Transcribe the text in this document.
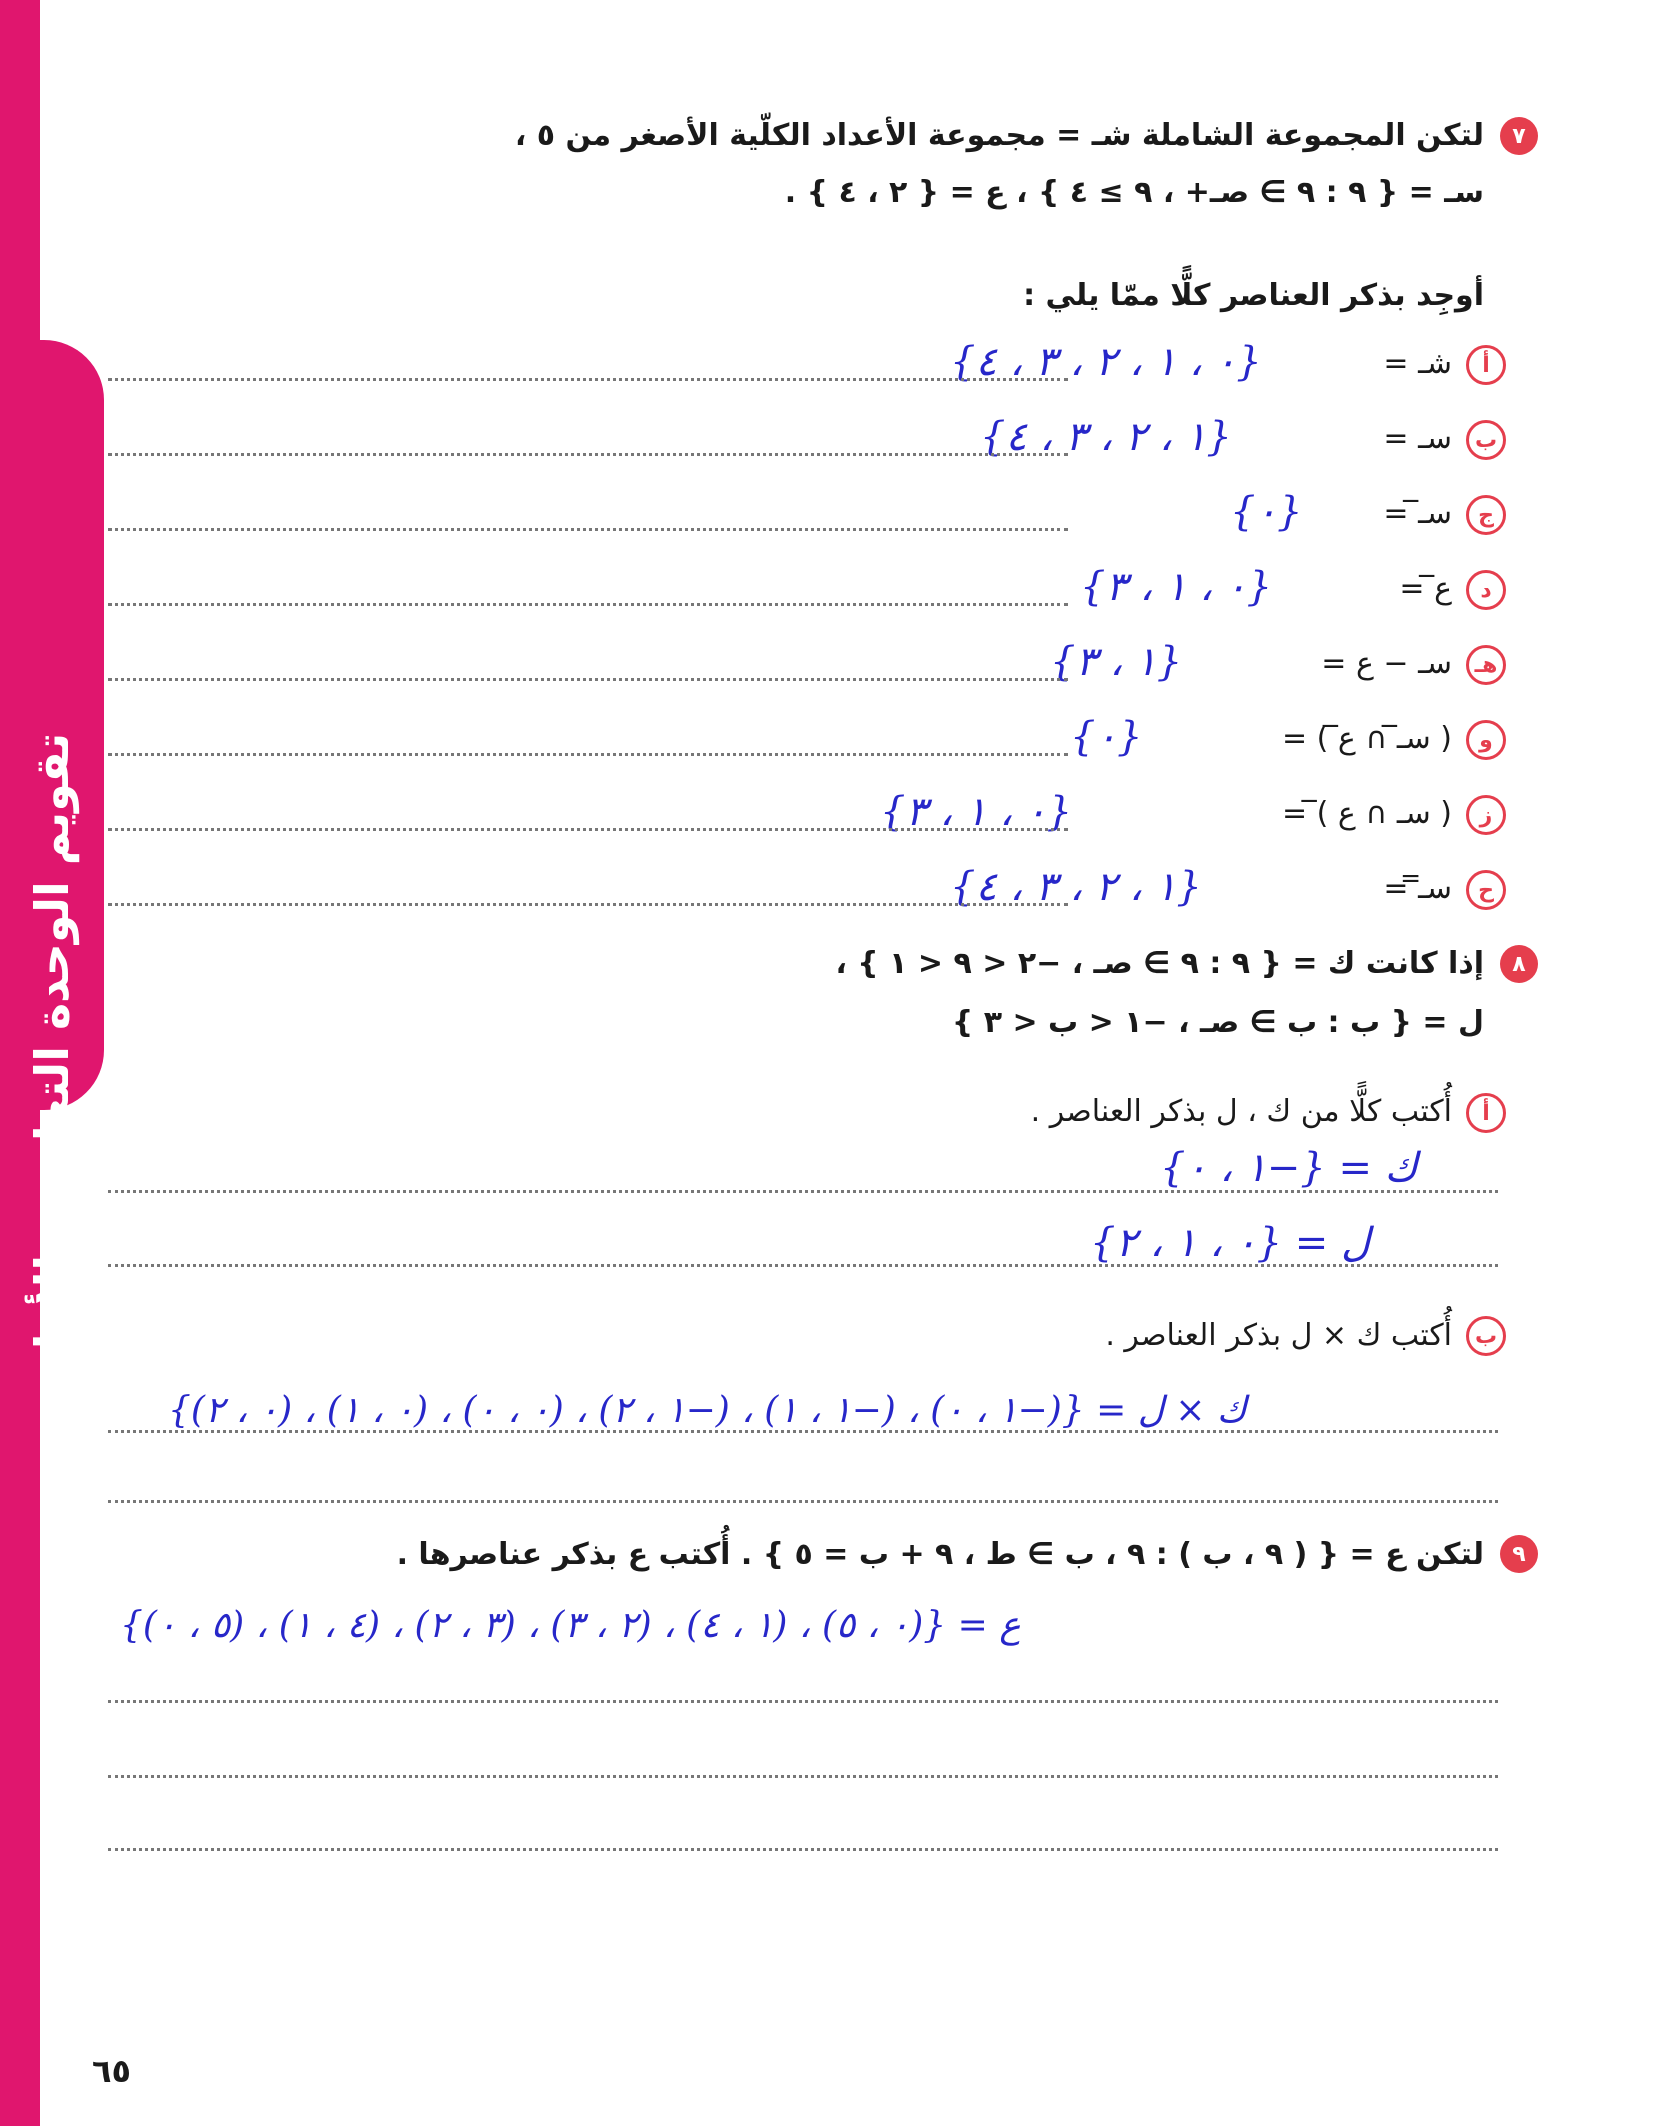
تقويم الوحدة التعليمية الأولى
٧
لتكن المجموعة الشاملة شـ = مجموعة الأعداد الكلّية الأصغر من ٥ ،
سـ = { ٩ : ٩ ∋ صـ+ ، ٩ ≥ ٤ } ، ع = { ٢ ، ٤ } .
أوجِد بذكر العناصر كلًّا ممّا يلي :
أ
شـ =
{٠ ، ١ ، ٢ ، ٣ ، ٤}
ب
سـ =
{١ ، ٢ ، ٣ ، ٤}
ج
سـ̅ =
{٠}
د
ع̅ =
{٠ ، ١ ، ٣}
هـ
سـ − ع =
{١ ، ٣}
و
( سـ̅ ∩ ع̅ ) =
{٠}
ز
( سـ ∩ ع )̅ =
{٠ ، ١ ، ٣}
ح
سـ̿ =
{١ ، ٢ ، ٣ ، ٤}
٨
إذا كانت ك = { ٩ : ٩ ∋ صـ ، −٢ < ٩ < ١ } ،
ل = { ب : ب ∋ صـ ، −١ < ب < ٣ }
أ
أُكتب كلًّا من ك ، ل بذكر العناصر .
ك = {−١ ، ٠}
ل = {٠ ، ١ ، ٢}
ب
أُكتب ك × ل بذكر العناصر .
ك × ل = {(−١ ، ٠) ، (−١ ، ١) ، (−١ ، ٢) ، (٠ ، ٠) ، (٠ ، ١) ، (٠ ، ٢)}
٩
لتكن ع = { ( ٩ ، ب ) : ٩ ، ب ∋ ط ، ٩ + ب = ٥ } . أُكتب ع بذكر عناصرها .
ع = {(٠ ، ٥) ، (١ ، ٤) ، (٢ ، ٣) ، (٣ ، ٢) ، (٤ ، ١) ، (٥ ، ٠)}
٦٥
